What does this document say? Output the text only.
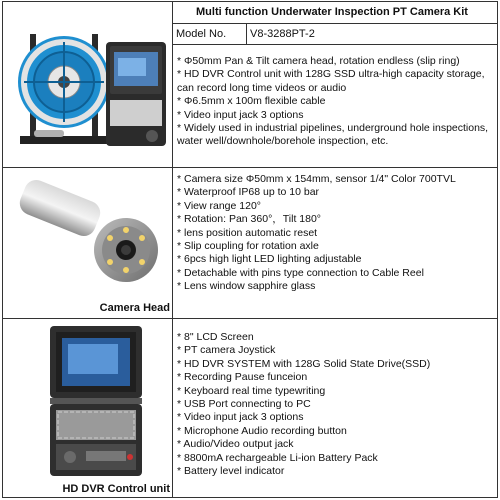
Multi function Underwater Inspection PT Camera Kit
Model No. V8-3288PT-2
* Φ50mm Pan & Tilt camera head, rotation endless (slip ring)
* HD DVR Control unit with 128G SSD ultra-high capacity storage, can record long time videos or audio
* Φ6.5mm x 100m flexible cable
* Video input jack 3 options
* Widely used in industrial pipelines, underground hole inspections, water well/downhole/borehole inspection, etc.
* Camera size Φ50mm x 154mm, sensor 1/4" Color 700TVL
* Waterproof IP68 up to 10 bar
* View range 120°
* Rotation: Pan 360°，Tilt 180°
* lens position automatic reset
* Slip coupling for rotation axle
* 6pcs high light LED lighting adjustable
* Detachable with pins type connection to Cable Reel
* Lens window sapphire glass
Camera Head
* 8" LCD Screen
* PT camera Joystick
* HD DVR SYSTEM with 128G Solid State Drive(SSD)
* Recording Pause funceion
* Keyboard real time typewriting
* USB Port connecting to PC
* Video input jack 3 options
* Microphone Audio recording button
* Audio/Video output jack
* 8800mA rechargeable Li-ion Battery Pack
* Battery level indicator
HD DVR Control unit
